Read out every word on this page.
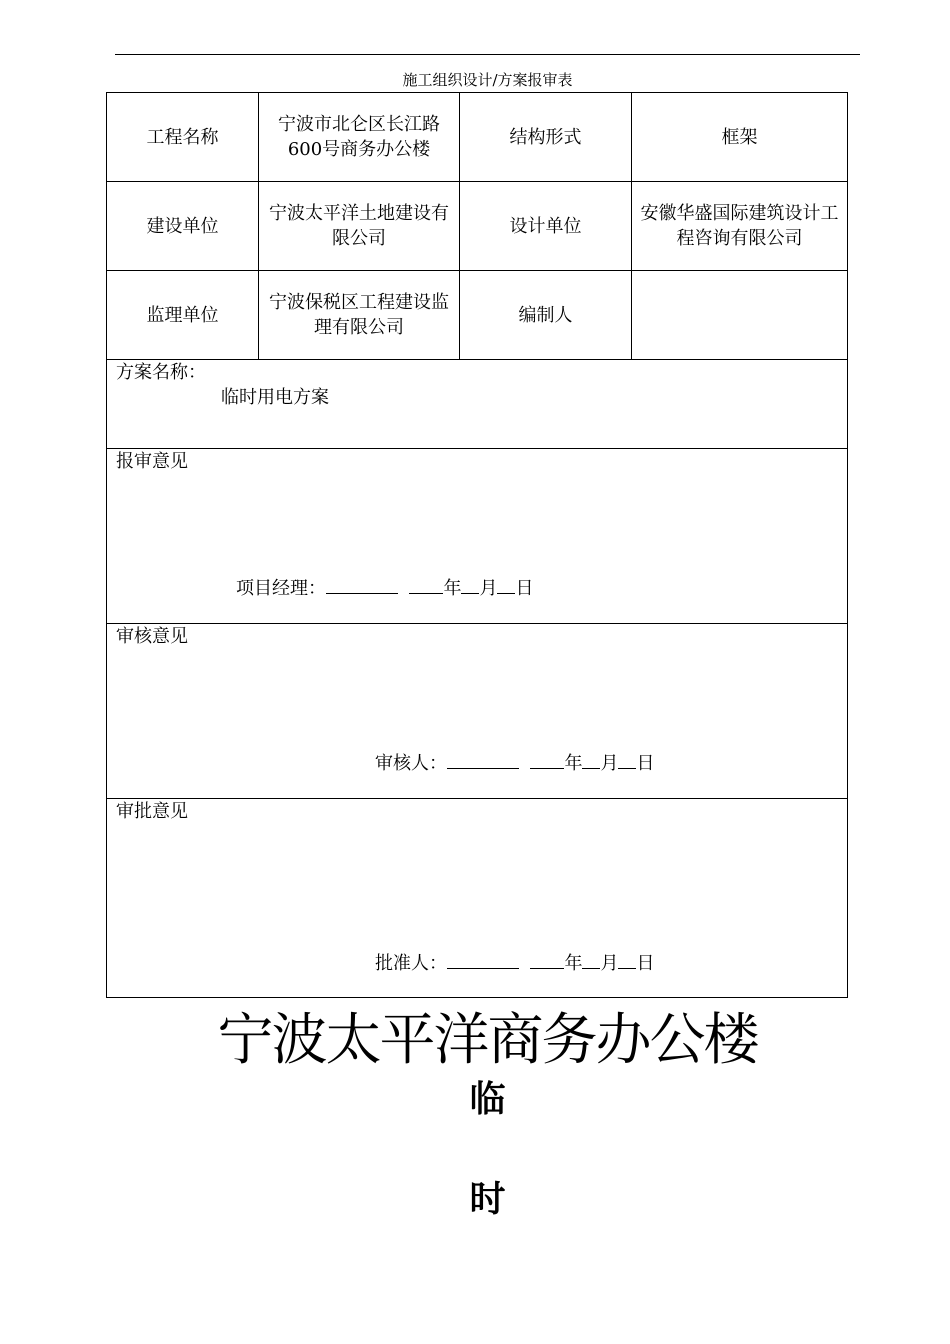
施工组织设计/方案报审表
工程名称	宁波市北仑区长江路600号商务办公楼	结构形式	框架
建设单位	宁波太平洋土地建设有限公司	设计单位	安徽华盛国际建筑设计工程咨询有限公司
监理单位	宁波保税区工程建设监理有限公司	编制人	

方案名称：
临时用电方案			

报审意见
项目经理： 年 月 日			

审核意见
审核人： 年 月 日			

审批意见
批准人： 年 月 日			
宁波太平洋商务办公楼
临
时
